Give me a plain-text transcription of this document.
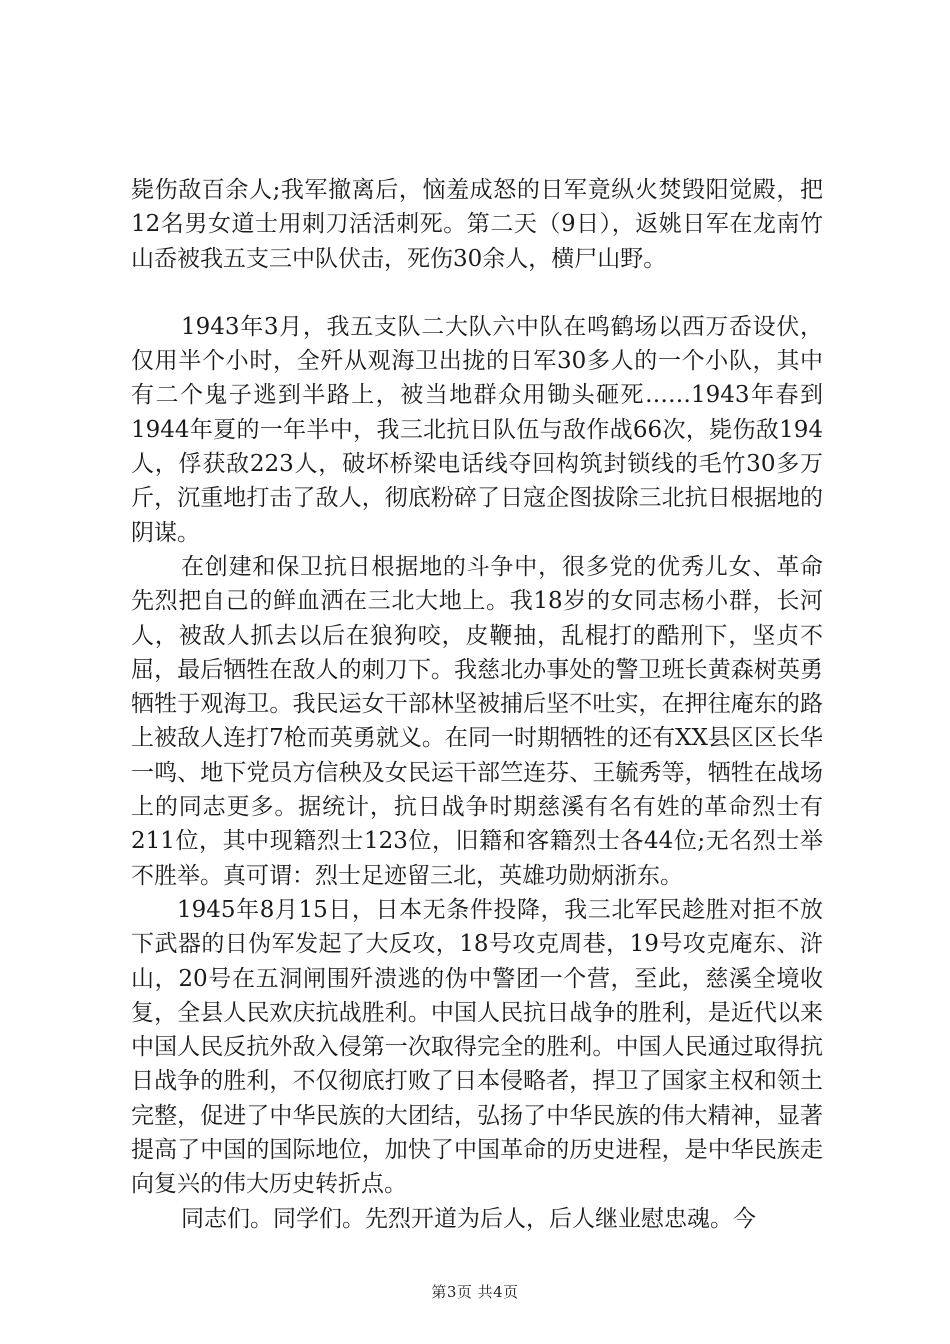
毙伤敌百余人;我军撤离后，恼羞成怒的日军竟纵火焚毁阳觉殿，把12名男女道士用刺刀活活刺死。第二天（9日），返姚日军在龙南竹山岙被我五支三中队伏击，死伤30余人，横尸山野。

1943年3月，我五支队二大队六中队在鸣鹤场以西万岙设伏，仅用半个小时，全歼从观海卫出拢的日军30多人的一个小队，其中有二个鬼子逃到半路上，被当地群众用锄头砸死……1943年春到1944年夏的一年半中，我三北抗日队伍与敌作战66次，毙伤敌194人，俘获敌223人，破坏桥梁电话线夺回构筑封锁线的毛竹30多万斤，沉重地打击了敌人，彻底粉碎了日寇企图拔除三北抗日根据地的阴谋。

在创建和保卫抗日根据地的斗争中，很多党的优秀儿女、革命先烈把自己的鲜血洒在三北大地上。我18岁的女同志杨小群，长河人，被敌人抓去以后在狼狗咬，皮鞭抽，乱棍打的酷刑下，坚贞不屈，最后牺牲在敌人的刺刀下。我慈北办事处的警卫班长黄森树英勇牺牲于观海卫。我民运女干部林坚被捕后坚不吐实，在押往庵东的路上被敌人连打7枪而英勇就义。在同一时期牺牲的还有XX县区区长华一鸣、地下党员方信秧及女民运干部竺连芬、王毓秀等，牺牲在战场上的同志更多。据统计，抗日战争时期慈溪有名有姓的革命烈士有211位，其中现籍烈士123位，旧籍和客籍烈士各44位;无名烈士举不胜举。真可谓：烈士足迹留三北，英雄功勋炳浙东。

1945年8月15日，日本无条件投降，我三北军民趁胜对拒不放下武器的日伪军发起了大反攻，18号攻克周巷，19号攻克庵东、浒山，20号在五洞闸围歼溃逃的伪中警团一个营，至此，慈溪全境收复，全县人民欢庆抗战胜利。中国人民抗日战争的胜利，是近代以来中国人民反抗外敌入侵第一次取得完全的胜利。中国人民通过取得抗日战争的胜利，不仅彻底打败了日本侵略者，捍卫了国家主权和领土完整，促进了中华民族的大团结，弘扬了中华民族的伟大精神，显著提高了中国的国际地位，加快了中国革命的历史进程，是中华民族走向复兴的伟大历史转折点。

同志们。同学们。先烈开道为后人，后人继业慰忠魂。今

第3页 共4页
